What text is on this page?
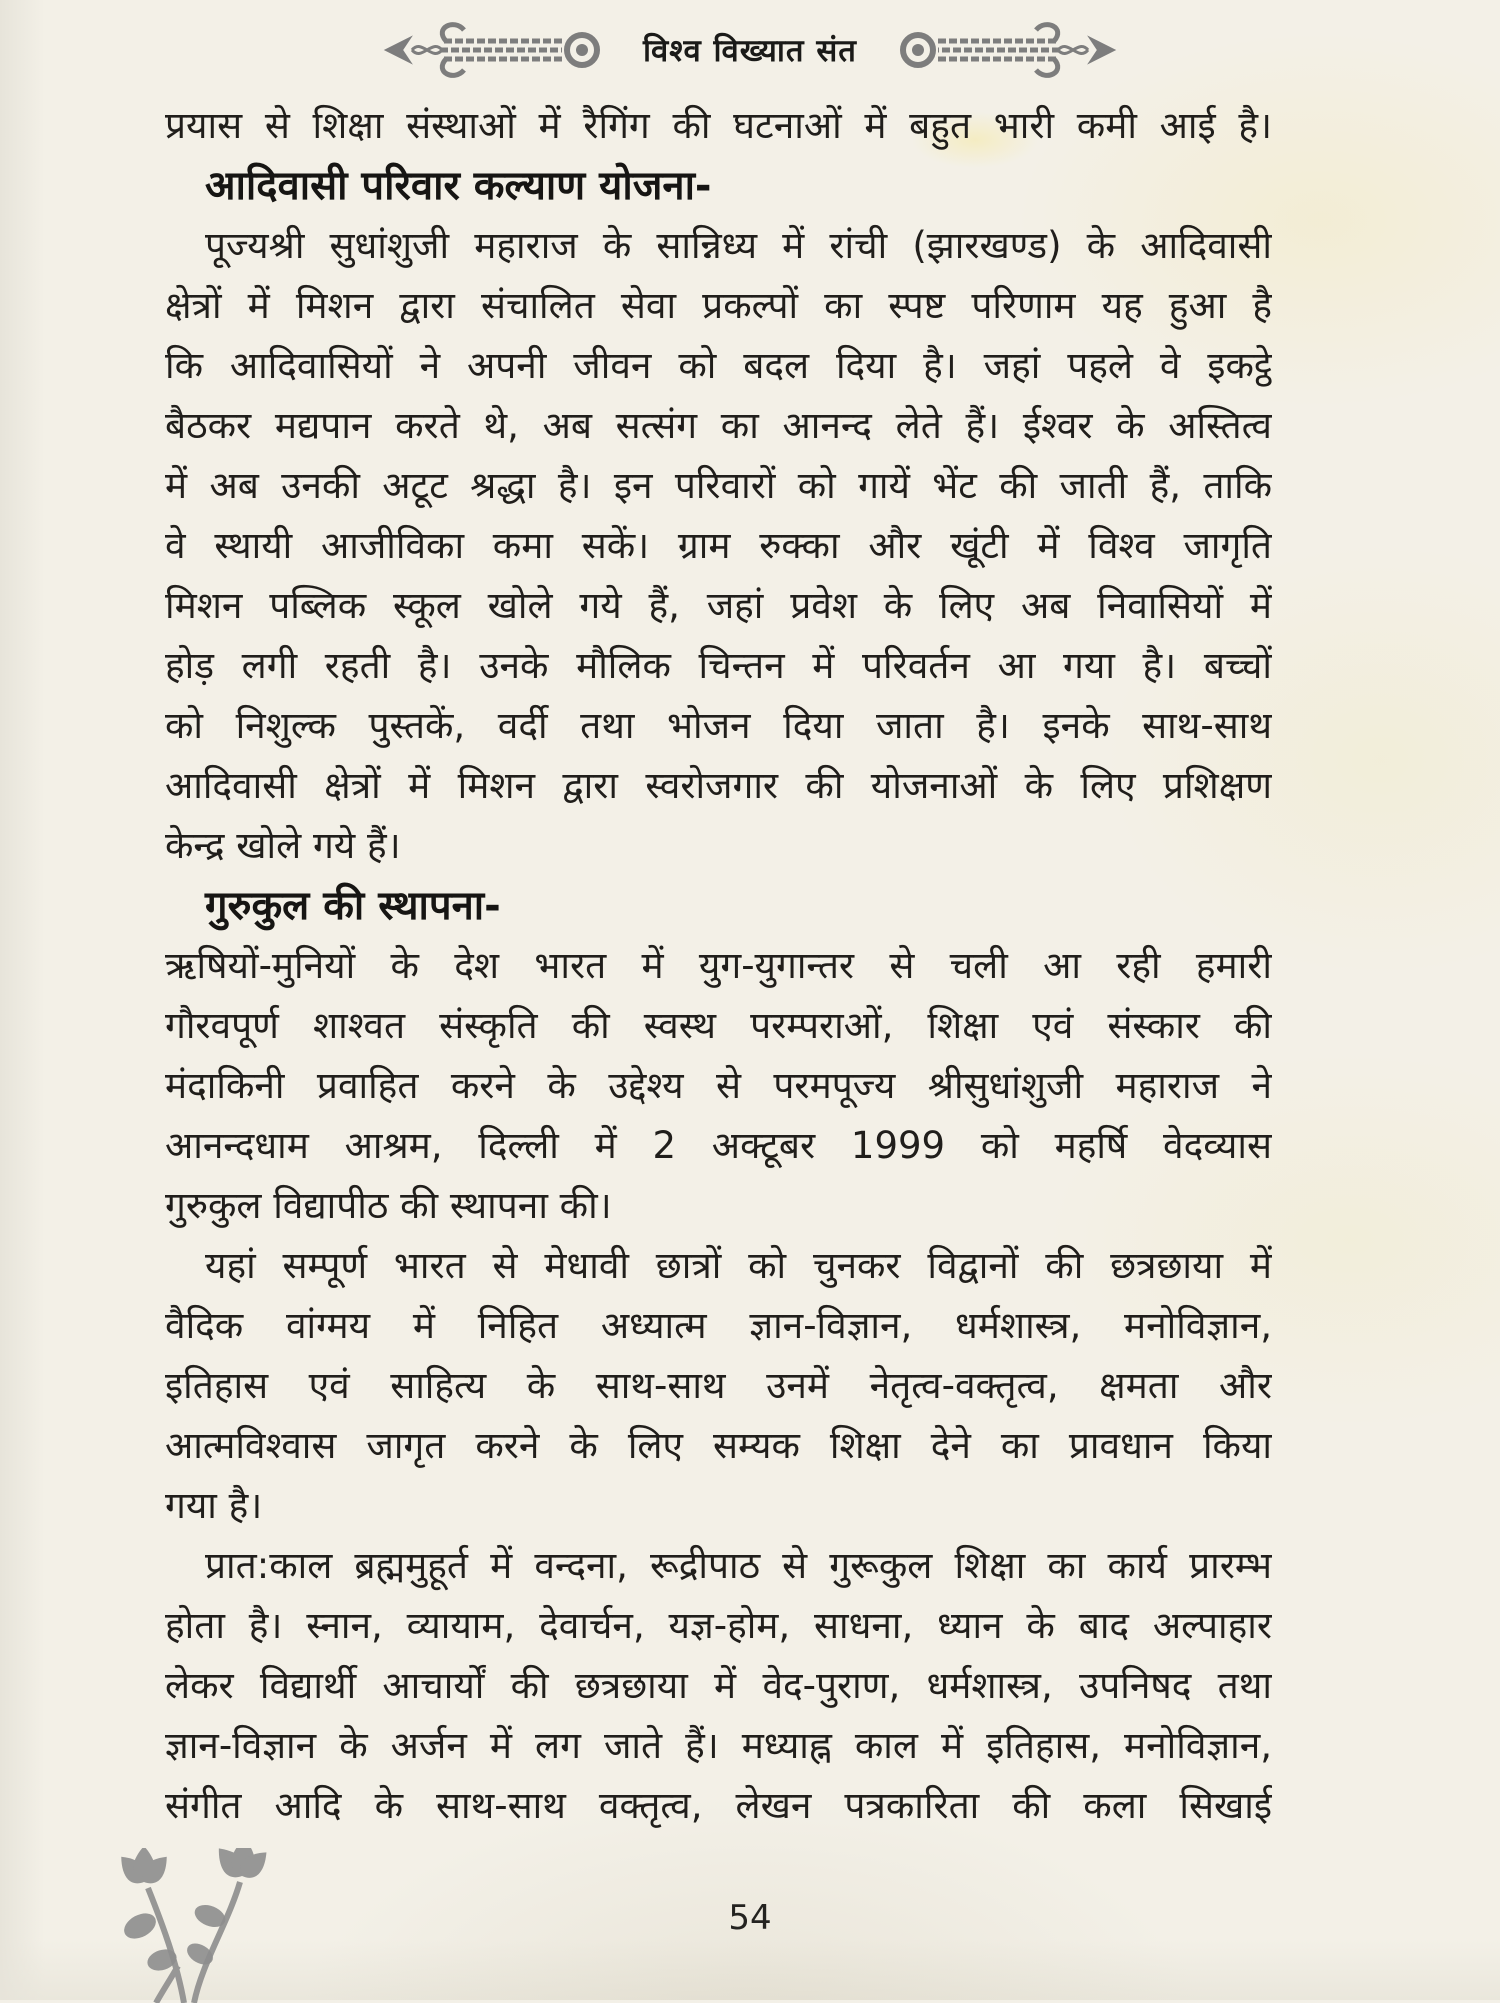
विश्व विख्यात संत
प्रयास से शिक्षा संस्थाओं में रैगिंग की घटनाओं में बहुत भारी कमी आई है।
आदिवासी परिवार कल्याण योजना-
पूज्यश्री सुधांशुजी महाराज के सान्निध्य में रांची (झारखण्ड) के आदिवासी
क्षेत्रों में मिशन द्वारा संचालित सेवा प्रकल्पों का स्पष्ट परिणाम यह हुआ है
कि आदिवासियों ने अपनी जीवन को बदल दिया है। जहां पहले वे इकट्ठे
बैठकर मद्यपान करते थे, अब सत्संग का आनन्द लेते हैं। ईश्वर के अस्तित्व
में अब उनकी अटूट श्रद्धा है। इन परिवारों को गायें भेंट की जाती हैं, ताकि
वे स्थायी आजीविका कमा सकें। ग्राम रुक्का और खूंटी में विश्व जागृति
मिशन पब्लिक स्कूल खोले गये हैं, जहां प्रवेश के लिए अब निवासियों में
होड़ लगी रहती है। उनके मौलिक चिन्तन में परिवर्तन आ गया है। बच्चों
को निशुल्क पुस्तकें, वर्दी तथा भोजन दिया जाता है। इनके साथ-साथ
आदिवासी क्षेत्रों में मिशन द्वारा स्वरोजगार की योजनाओं के लिए प्रशिक्षण
केन्द्र खोले गये हैं।
गुरुकुल की स्थापना-
ऋषियों-मुनियों के देश भारत में युग-युगान्तर से चली आ रही हमारी
गौरवपूर्ण शाश्वत संस्कृति की स्वस्थ परम्पराओं, शिक्षा एवं संस्कार की
मंदाकिनी प्रवाहित करने के उद्देश्य से परमपूज्य श्रीसुधांशुजी महाराज ने
आनन्दधाम आश्रम, दिल्ली में 2 अक्टूबर 1999 को महर्षि वेदव्यास
गुरुकुल विद्यापीठ की स्थापना की।
यहां सम्पूर्ण भारत से मेधावी छात्रों को चुनकर विद्वानों की छत्रछाया में
वैदिक वांग्मय में निहित अध्यात्म ज्ञान-विज्ञान, धर्मशास्त्र, मनोविज्ञान,
इतिहास एवं साहित्य के साथ-साथ उनमें नेतृत्व-वक्तृत्व, क्षमता और
आत्मविश्वास जागृत करने के लिए सम्यक शिक्षा देने का प्रावधान किया
गया है।
प्रात:काल ब्रह्ममुहूर्त में वन्दना, रूद्रीपाठ से गुरूकुल शिक्षा का कार्य प्रारम्भ
होता है। स्नान, व्यायाम, देवार्चन, यज्ञ-होम, साधना, ध्यान के बाद अल्पाहार
लेकर विद्यार्थी आचार्यों की छत्रछाया में वेद-पुराण, धर्मशास्त्र, उपनिषद तथा
ज्ञान-विज्ञान के अर्जन में लग जाते हैं। मध्याह्न काल में इतिहास, मनोविज्ञान,
संगीत आदि के साथ-साथ वक्तृत्व, लेखन पत्रकारिता की कला सिखाई
54
